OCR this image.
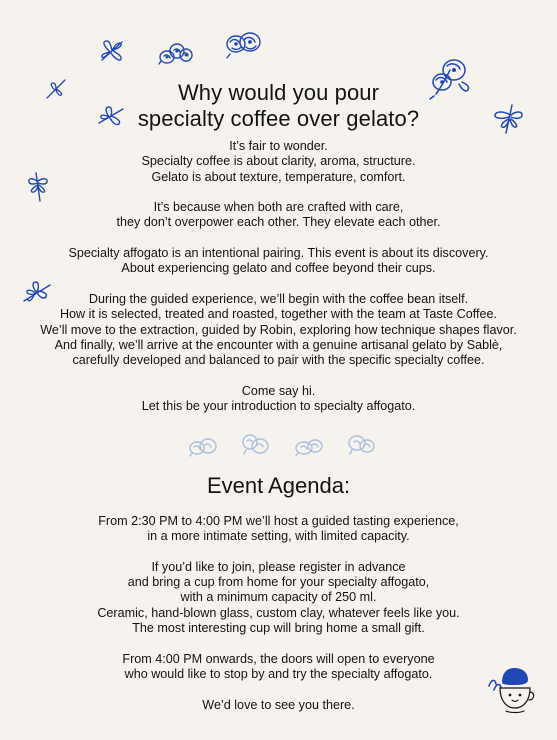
Why would you pour
specialty coffee over gelato?

It’s fair to wonder.
Specialty coffee is about clarity, aroma, structure.
Gelato is about texture, temperature, comfort.

It’s because when both are crafted with care,
they don’t overpower each other. They elevate each other.

Specialty affogato is an intentional pairing. This event is about its discovery.
About experiencing gelato and coffee beyond their cups.

During the guided experience, we’ll begin with the coffee bean itself.
How it is selected, treated and roasted, together with the team at Taste Coffee.
We’ll move to the extraction, guided by Robin, exploring how technique shapes flavor.
And finally, we’ll arrive at the encounter with a genuine artisanal gelato by Sablè,
carefully developed and balanced to pair with the specific specialty coffee.

Come say hi.
Let this be your introduction to specialty affogato.

Event Agenda:

From 2:30 PM to 4:00 PM we’ll host a guided tasting experience,
in a more intimate setting, with limited capacity.

If you’d like to join, please register in advance
and bring a cup from home for your specialty affogato,
with a minimum capacity of 250 ml.
Ceramic, hand-blown glass, custom clay, whatever feels like you.
The most interesting cup will bring home a small gift.

From 4:00 PM onwards, the doors will open to everyone
who would like to stop by and try the specialty affogato.

We’d love to see you there.
